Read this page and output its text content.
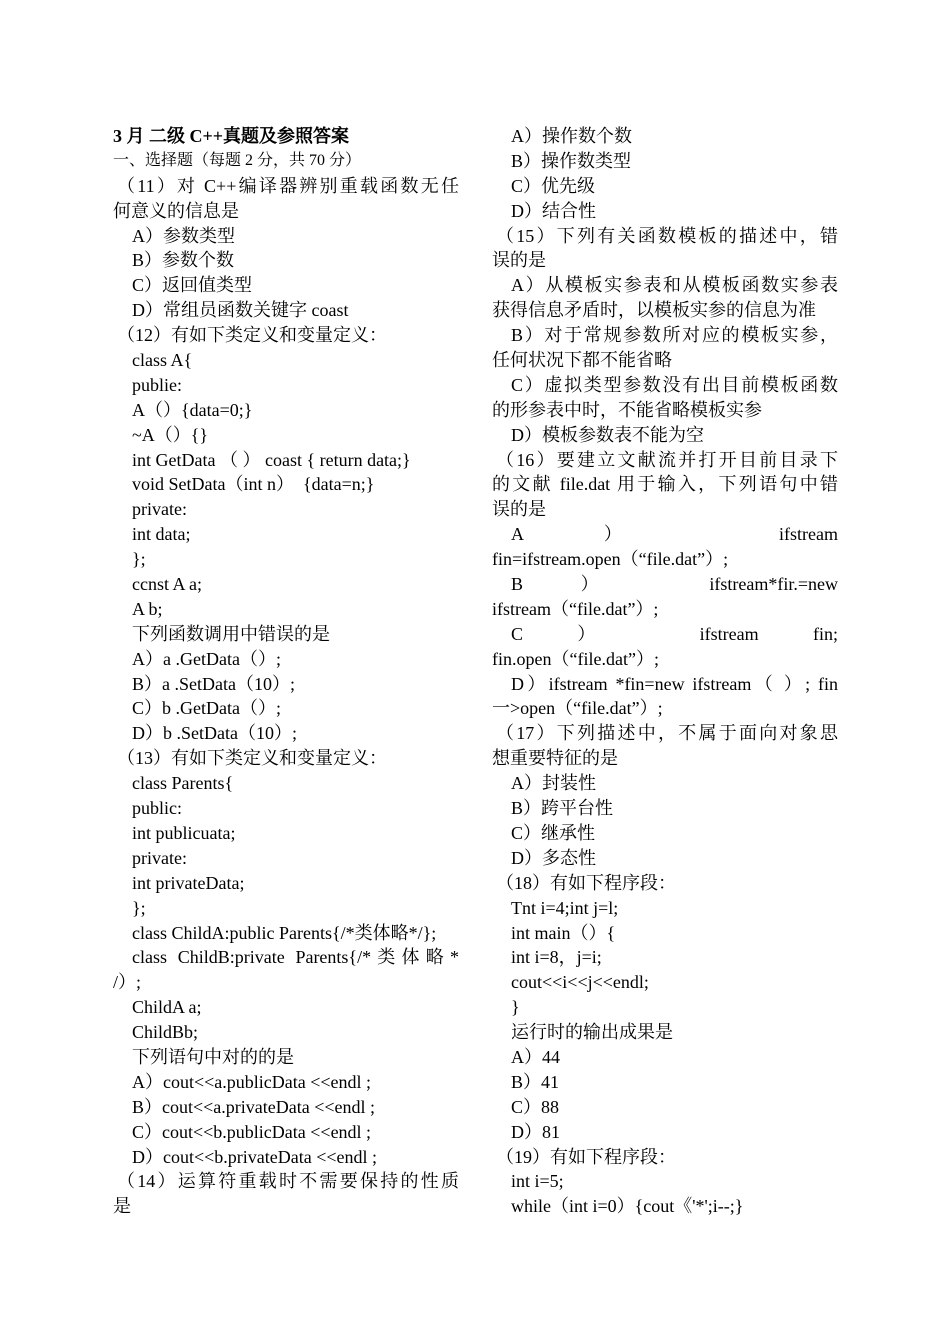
3 月 二级 C++真题及参照答案
一、选择题（每题 2 分，共 70 分）
（11）对 C++编译器辨别重载函数无任
何意义的信息是
A）参数类型
B）参数个数
C）返回值类型
D）常组员函数关键字 coast
（12）有如下类定义和变量定义：
class A{
publie:
A（）{data=0;}
~A（）{}
int GetData （ ） coast { return data;}
void SetData（int n）　{data=n;}
private:
int data;
};
ccnst A a;
A b;
下列函数调用中错误的是
A）a .GetData（）;
B）a .SetData（10）;
C）b .GetData（）;
D）b .SetData（10）;
（13）有如下类定义和变量定义：
class Parents{
public:
int publicuata;
private:
int privateData;
};
class ChildA:public Parents{/*类体略*/};
class ChildB:private Parents{/*类体略*
/）;
ChildA a;
ChildBb;
下列语句中对的的是
A）cout<<a.publicData <<endl ;
B）cout<<a.privateData <<endl ;
C）cout<<b.publicData <<endl ;
D）cout<<b.privateData <<endl ;
（14）运算符重载时不需要保持的性质
是
A）操作数个数
B）操作数类型
C）优先级
D）结合性
（15）下列有关函数模板的描述中，错
误的是
A）从模板实参表和从模板函数实参表
获得信息矛盾时，以模板实参的信息为准
B）对于常规参数所对应的模板实参，
任何状况下都不能省略
C）虚拟类型参数没有出目前模板函数
的形参表中时，不能省略模板实参
D）模板参数表不能为空
（16）要建立文献流并打开目前目录下
的文献 file.dat 用于输入，下列语句中错
误的是
A ） ifstream
fin=ifstream.open（“file.dat”）;
B ） ifstream*fir.=new
ifstream（“file.dat”）;
C ） ifstream fin;
fin.open（“file.dat”）;
D）ifstream *fin=new ifstream（ ）; fin
一>open（“file.dat”）;
（17）下列描述中，不属于面向对象思
想重要特征的是
A）封装性
B）跨平台性
C）继承性
D）多态性
（18）有如下程序段：
Tnt i=4;int j=l;
int main（）{
int i=8，j=i;
cout<<i<<j<<endl;
}
运行时的输出成果是
A）44
B）41
C）88
D）81
（19）有如下程序段：
int i=5;
while（int i=0）{cout《'*';i--;}
